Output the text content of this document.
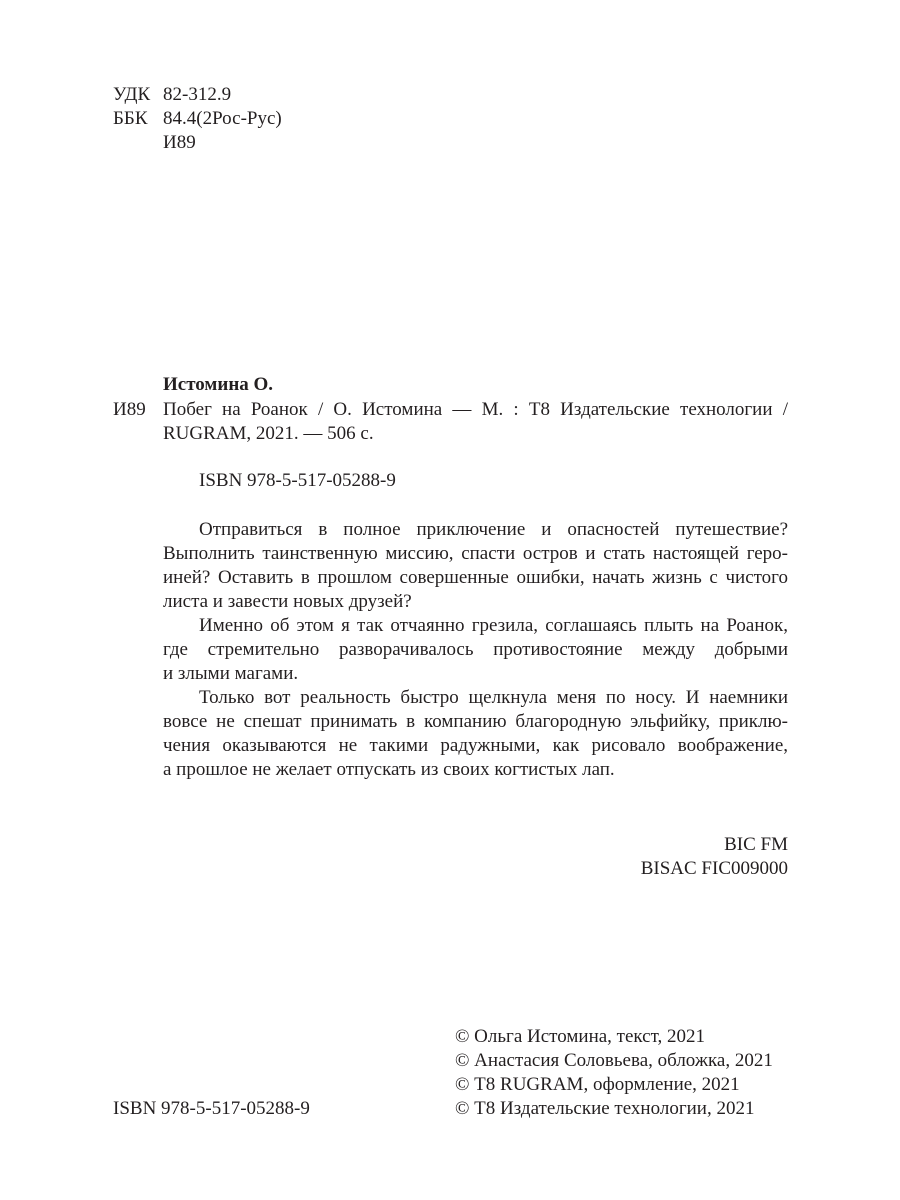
УДК 82-312.9
ББК 84.4(2Рос-Рус)
И89
Истомина О.
И89 Побег на Роанок / О. Истомина — М. : Т8 Издательские технологии /
RUGRAM, 2021. — 506 с.
ISBN 978-5-517-05288-9
Отправиться в полное приключение и опасностей путешествие?
Выполнить таинственную миссию, спасти остров и стать настоящей геро-
иней? Оставить в прошлом совершенные ошибки, начать жизнь с чистого
листа и завести новых друзей?
Именно об этом я так отчаянно грезила, соглашаясь плыть на Роанок,
где стремительно разворачивалось противостояние между добрыми
и злыми магами.
Только вот реальность быстро щелкнула меня по носу. И наемники
вовсе не спешат принимать в компанию благородную эльфийку, приклю-
чения оказываются не такими радужными, как рисовало воображение,
а прошлое не желает отпускать из своих когтистых лап.
BIC FM
BISAC FIC009000
© Ольга Истомина, текст, 2021
© Анастасия Соловьева, обложка, 2021
© Т8 RUGRAM, оформление, 2021
© Т8 Издательские технологии, 2021
ISBN 978-5-517-05288-9
